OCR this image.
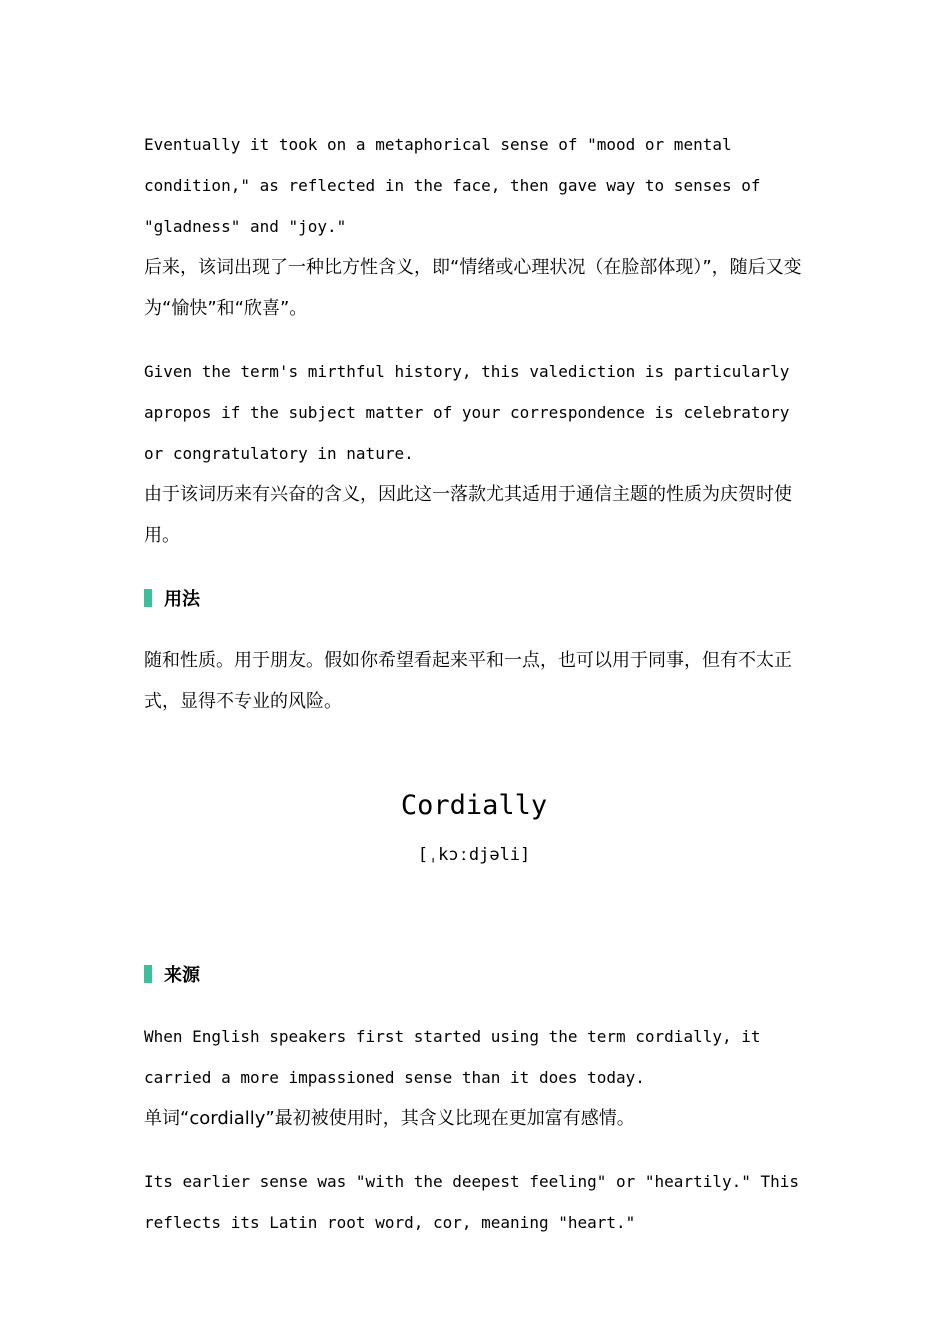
Eventually it took on a metaphorical sense of "mood or mental condition," as reflected in the face, then gave way to senses of "gladness" and "joy."

后来，该词出现了一种比方性含义，即“情绪或心理状况（在脸部体现）”，随后又变为“愉快”和“欣喜”。

Given the term's mirthful history, this valediction is particularly apropos if the subject matter of your correspondence is celebratory or congratulatory in nature.

由于该词历来有兴奋的含义，因此这一落款尤其适用于通信主题的性质为庆贺时使用。

用法

随和性质。用于朋友。假如你希望看起来平和一点，也可以用于同事，但有不太正式，显得不专业的风险。

Cordially
[ˌkɔːdjəli]
来源

When English speakers first started using the term cordially, it carried a more impassioned sense than it does today.

单词“cordially”最初被使用时，其含义比现在更加富有感情。

Its earlier sense was "with the deepest feeling" or "heartily." This reflects its Latin root word, cor, meaning "heart."
